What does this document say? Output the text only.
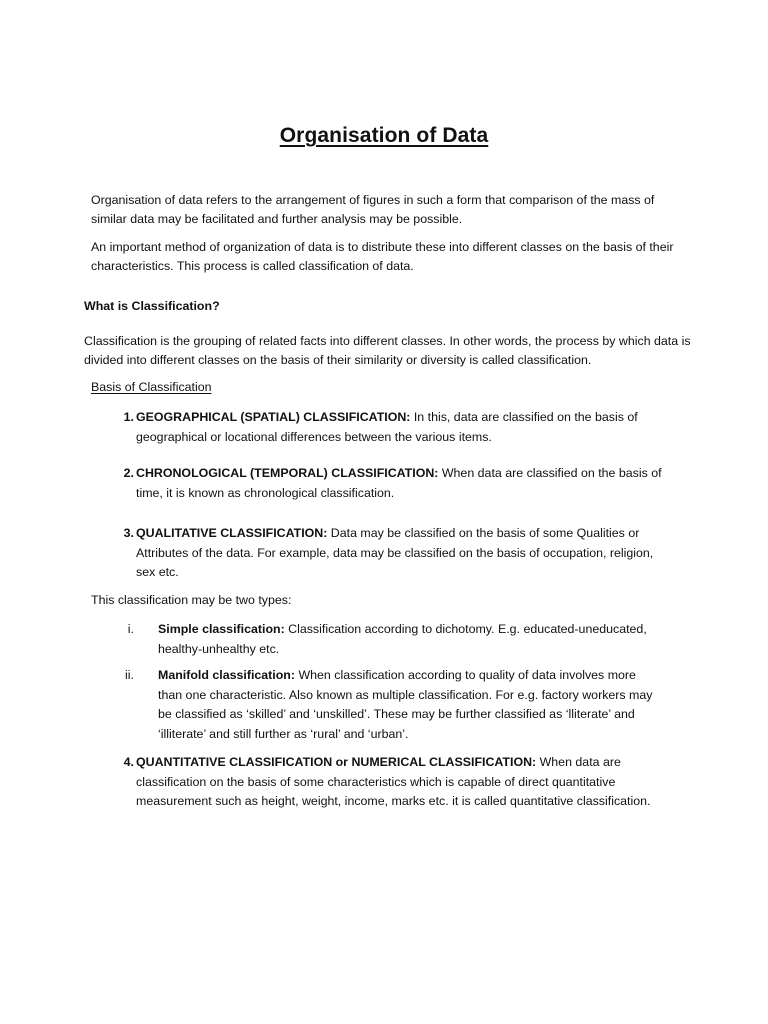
Organisation of Data
Organisation of data refers to the arrangement of figures in such a form that comparison of the mass of similar data may be facilitated and further analysis may be possible.
An important method of organization of data is to distribute these into different classes on the basis of their characteristics. This process is called classification of data.
What is Classification?
Classification is the grouping of related facts into different classes. In other words, the process by which data is divided into different classes on the basis of their similarity or diversity is called classification.
Basis of Classification
1. GEOGRAPHICAL (SPATIAL) CLASSIFICATION: In this, data are classified on the basis of geographical or locational differences between the various items.
2. CHRONOLOGICAL (TEMPORAL) CLASSIFICATION: When data are classified on the basis of time, it is known as chronological classification.
3. QUALITATIVE CLASSIFICATION: Data may be classified on the basis of some Qualities or Attributes of the data. For example, data may be classified on the basis of occupation, religion, sex etc.
This classification may be two types:
i. Simple classification: Classification according to dichotomy. E.g. educated-uneducated, healthy-unhealthy etc.
ii. Manifold classification: When classification according to quality of data involves more than one characteristic. Also known as multiple classification. For e.g. factory workers may be classified as ‘skilled’ and ‘unskilled’. These may be further classified as ‘lliterate’ and ‘illiterate’ and still further as ‘rural’ and ‘urban’.
4. QUANTITATIVE CLASSIFICATION or NUMERICAL CLASSIFICATION: When data are classification on the basis of some characteristics which is capable of direct quantitative measurement such as height, weight, income, marks etc. it is called quantitative classification.
